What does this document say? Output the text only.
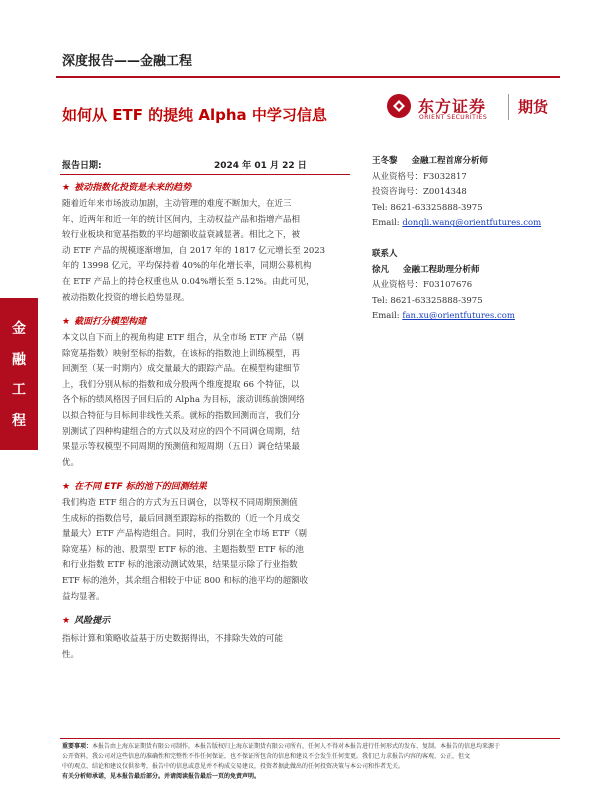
深度报告——金融工程
如何从 ETF 的提纯 Alpha 中学习信息	东方证券
ORIENT SECURITIES
期货
报告日期:	2024 年 01 月 22 日
★ 被动指数化投资是未来的趋势
随着近年来市场波动加剧，主动管理的难度不断加大，在近三
年、近两年和近一年的统计区间内，主动权益产品和指增产品相
较行业板块和宽基指数的平均超额收益衰减显著。相比之下，被
动 ETF 产品的规模逐渐增加，自 2017 年的 1817 亿元增长至 2023
年的 13998 亿元，平均保持着 40%的年化增长率，同期公募机构
在 ETF 产品上的持仓权重也从 0.04%增长至 5.12%。由此可见，
被动指数化投资的增长趋势显现。
★ 截面打分模型构建
本文以自下而上的视角构建 ETF 组合，从全市场 ETF 产品（剔
除宽基指数）映射至标的指数，在该标的指数池上训练模型，再
回测至（某一时期内）成交量最大的跟踪产品。在模型构建细节
上，我们分别从标的指数和成分股两个维度提取 66 个特征，以
各个标的绩风格因子回归后的 Alpha 为目标，滚动训练前馈网络
以拟合特征与目标间非线性关系。就标的指数回测而言，我们分
别测试了四种构建组合的方式以及对应的四个不同调仓周期，结
果显示等权模型不同周期的预测值和短周期（五日）调仓结果最
优。
★ 在不同 ETF 标的池下的回测结果
我们构造 ETF 组合的方式为五日调仓，以等权不同周期预测值
生成标的指数信号，最后回测至跟踪标的指数的（近一个月成交
量最大）ETF 产品构造组合。同时，我们分别在全市场 ETF（剔
除宽基）标的池、股票型 ETF 标的池、主题指数型 ETF 标的池
和行业指数 ETF 标的池滚动测试效果，结果显示除了行业指数
ETF 标的池外，其余组合相较于中证 800 和标的池平均的超额收
益均显著。
★ 风险提示
指标计算和策略收益基于历史数据得出，不排除失效的可能
性。
王冬黎 金融工程首席分析师
从业资格号：F3032817
投资咨询号：Z0014348
Tel: 8621-63325888-3975
Email: dongli.wang@orientfutures.com
联系人
徐凡 金融工程助理分析师
从业资格号：F03107676
Tel: 8621-63325888-3975
Email: fan.xu@orientfutures.com
金
融
工
程
重要事项：本报告由上海东证期货有限公司制作，本报告版权归上海东证期货有限公司所有，任何人不得对本报告进行任何形式的发布、复制。本报告的信息均来源于
公开资料，我公司对这些信息的准确性和完整性不作任何保证，也不保证所包含的信息和建议不会发生任何变更。我们已力求报告内容的客观、公正，但文
中的观点、结论和建议仅供参考，报告中的信息或意见并不构成交易建议，投资者据此做出的任何投资决策与本公司和作者无关。
有关分析师承诺，见本报告最后部分。并请阅读报告最后一页的免责声明。
